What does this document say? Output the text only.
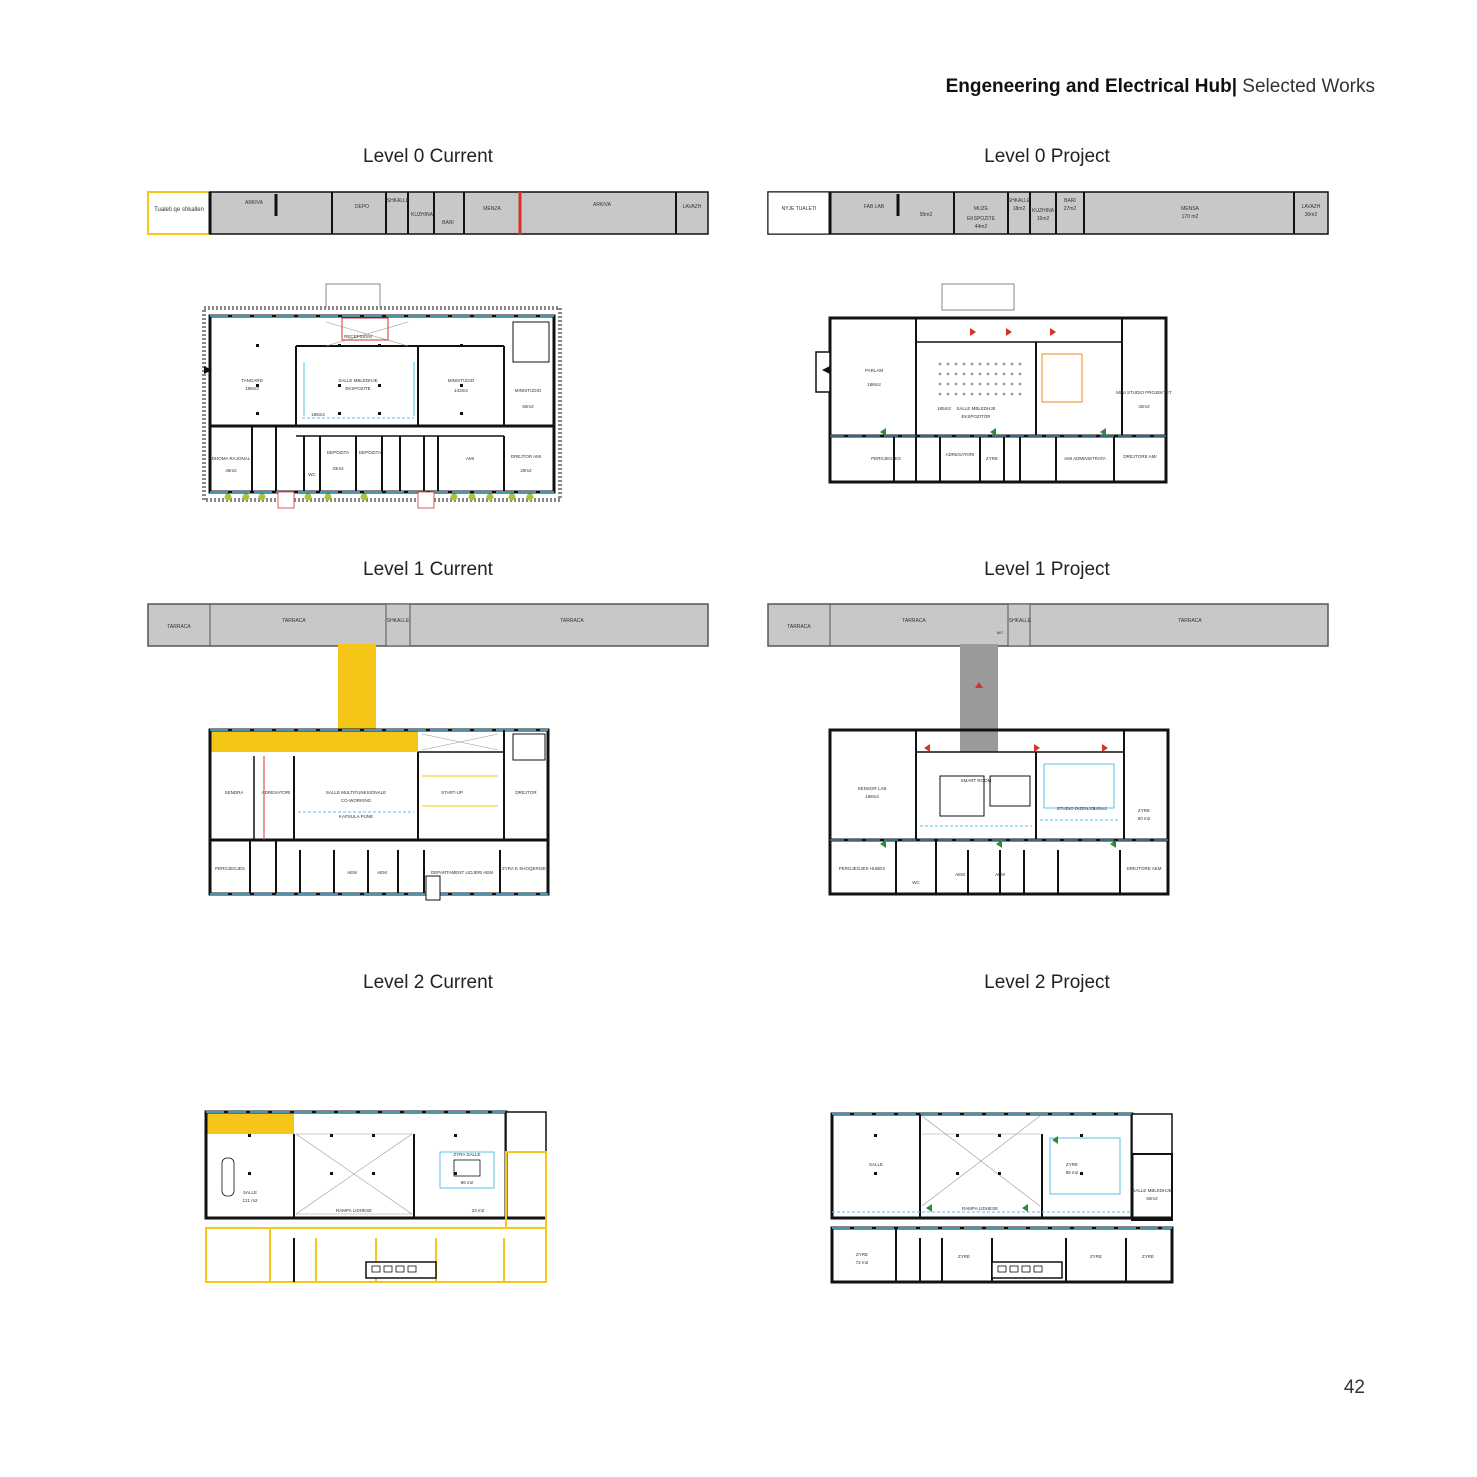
Engeneering and Electrical Hub| Selected Works
Level 0 Current	Level 0 Project
Level 1 Current	Level 1 Project
Level 2 Current	Level 2 Project
Tualeti qe shkallen
ARKIVA
DEPO
SHKALLE
KUZHINA
BARI
MENZA
ARKIVA	LAVAZH
TANGARD
188m2
SALLE MBLEDHJE
EKSPOZITE
185m2
MINISTUDIO
143m2	MINISTUDIO
60m2
RECEPSIONI
DHOMA RAJONAL
46m2
DEPOZITA
33m2
DEPOZITA
AMI	DREJTOR AMI
28m2
WC
NYJE TUALETI	FAB LAB
95m2
MUZE
EKSPOZITE
44m2
SHKALLE
18m2 KUZHINA
16m2
BARI
27m2	MENSA
170 m2
LAVAZH
30m2
PARLAM
188m2
SALLE MBLEDHJE
EKSPOZITOR
185m2
MINI STUDIO PROJEKTET
30m2
AMI ADMINISTRATA	DREJTORE AMI
ADRESATORI
ZYRE
PERGJEGJES
TARRACA
TARRACA	SHKALLE	TARRACA
SENDRA	ADRESATORI	SALLE MULTIFUNKSIONALE
CO-WORKING
KAPSULA PUNE
START-UP	DREJTOR
PERGJEGJES
AEM	AEM	DEPARTAMENT LIDJERI AEM
ZYRA E SHOQERISE
TARRACA
TARRACA	SHKALLE	TARRACA
WC
SENSOR LAB
188m2
SMART ROOM
STUDIO DIZENJOI
143m2	ZYRE
60 m2
PERGJEGJES HUBEX
AEM	AEM
DREJTORE AEM
WC
SALLE
121 m2
ZYRA SALLE
86 m2
RAMPA LIDHESE	23 m2
SALLE	ZYRE
85 m2
RAMPA LIDHESE
ZYRE
72 m2
ZYRE	ZYRE	ZYRE
SALLE MBLEDHJE
60m2
42
